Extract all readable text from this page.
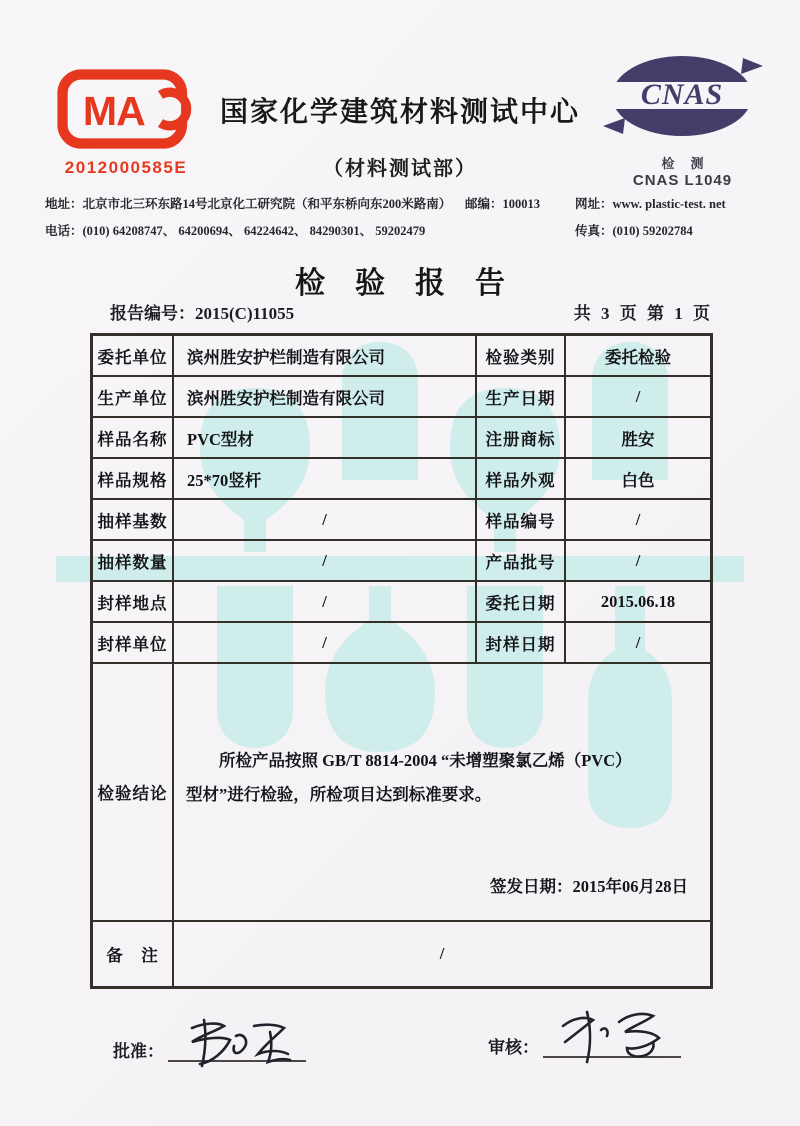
MA
2012000585E
国家化学建筑材料测试中心
（材料测试部）
CNAS
检测
CNAS L1049
地址：北京市北三环东路14号北京化工研究院（和平东桥向东200米路南）	邮编：100013	网址：www. plastic-test. net
电话：(010) 64208747、 64200694、 64224642、 84290301、 59202479	传真：(010) 59202784
检验报告
报告编号：2015(C)11055	共 3 页 第 1 页
委托单位	滨州胜安护栏制造有限公司	检验类别	委托检验
生产单位	滨州胜安护栏制造有限公司	生产日期	/
样品名称	PVC型材	注册商标	胜安
样品规格	25*70竖杆	样品外观	白色
抽样基数	/	样品编号	/
抽样数量	/	产品批号	/
封样地点	/	委托日期	2015.06.18
封样单位	/	封样日期	/
检验结论
所检产品按照 GB/T 8814-2004 “未增塑聚氯乙烯（PVC）
型材”进行检验，所检项目达到标准要求。
签发日期：2015年06月28日
备　注	/
批准：	审核：
